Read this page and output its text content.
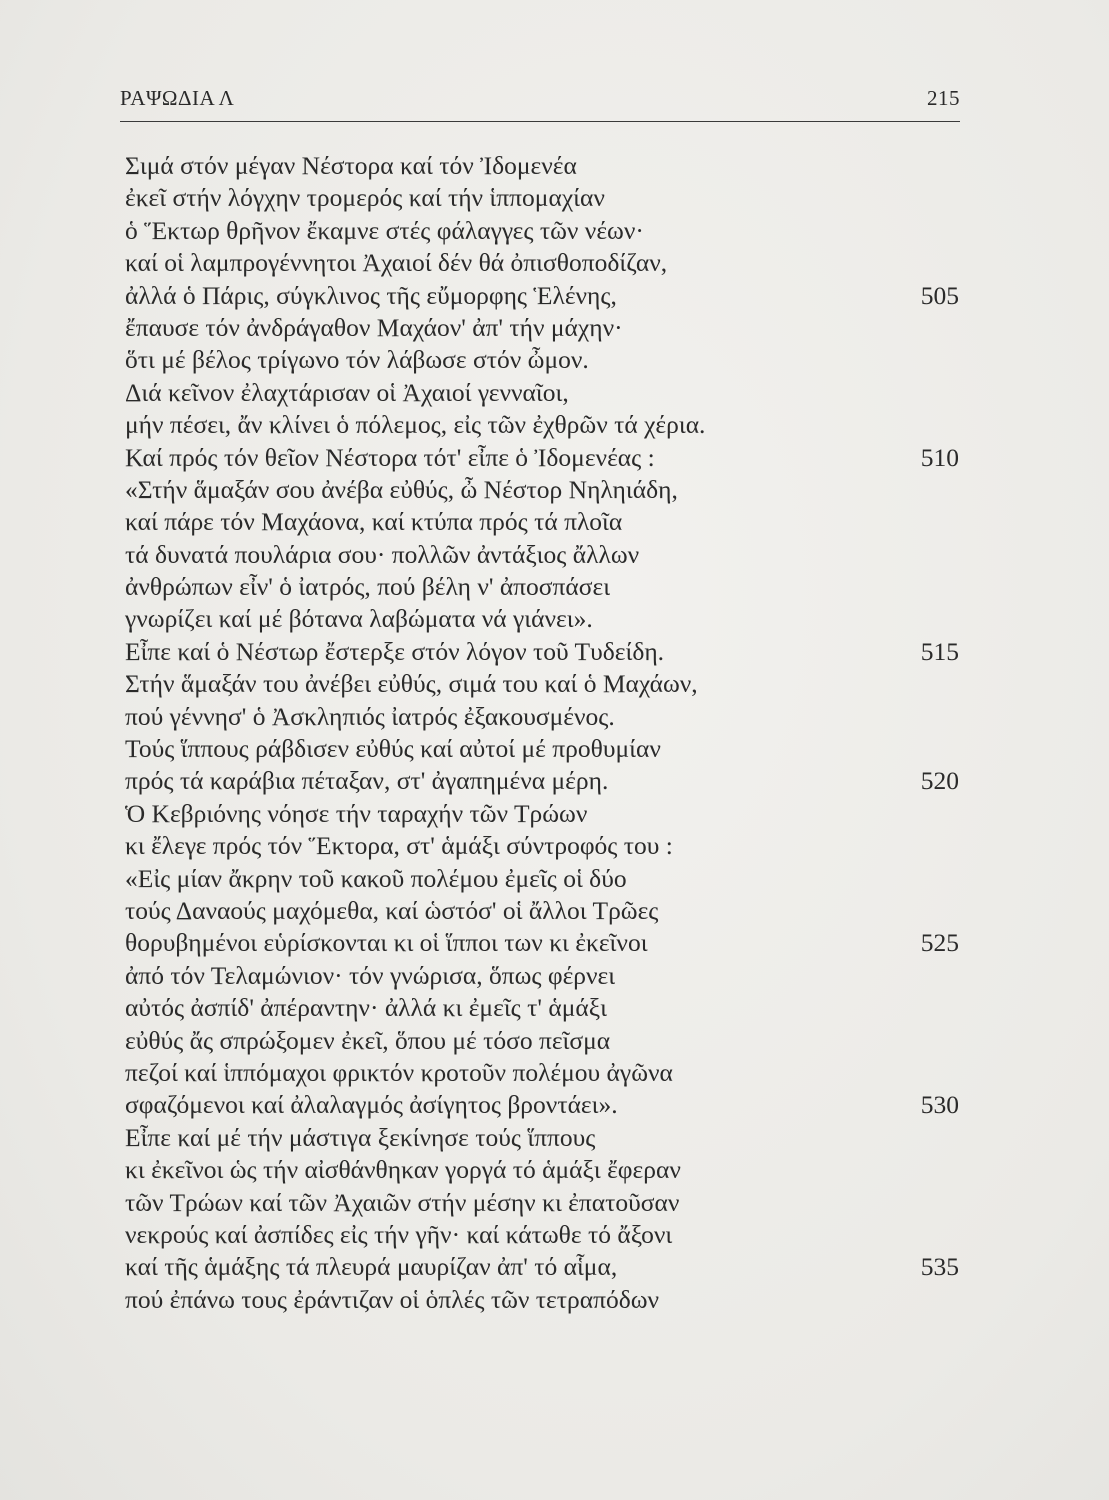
ΡΑΨΩΔΙΑ Λ	215
Σιμά στόν μέγαν Νέστορα καί τόν Ἰδομενέα
ἐκεῖ στήν λόγχην τρομερός καί τήν ἱππομαχίαν
ὁ Ἕκτωρ θρῆνον ἔκαμνε στές φάλαγγες τῶν νέων·
καί οἱ λαμπρογέννητοι Ἀχαιοί δέν θά ὀπισθοποδίζαν,
ἀλλά ὁ Πάρις, σύγκλινος τῆς εὔμορφης Ἑλένης,	505
ἔπαυσε τόν ἀνδράγαθον Μαχάον' ἀπ' τήν μάχην·
ὅτι μέ βέλος τρίγωνο τόν λάβωσε στόν ὦμον.
Διά κεῖνον ἐλαχτάρισαν οἱ Ἀχαιοί γενναῖοι,
μήν πέσει, ἄν κλίνει ὁ πόλεμος, εἰς τῶν ἐχθρῶν τά χέρια.
Καί πρός τόν θεῖον Νέστορα τότ' εἶπε ὁ Ἰδομενέας :	510
«Στήν ἅμαξάν σου ἀνέβα εὐθύς, ὦ Νέστορ Νηληιάδη,
καί πάρε τόν Μαχάονα, καί κτύπα πρός τά πλοῖα
τά δυνατά πουλάρια σου· πολλῶν ἀντάξιος ἄλλων
ἀνθρώπων εἶν' ὁ ἰατρός, πού βέλη ν' ἀποσπάσει
γνωρίζει καί μέ βότανα λαβώματα νά γιάνει».
Εἶπε καί ὁ Νέστωρ ἔστερξε στόν λόγον τοῦ Τυδείδη.	515
Στήν ἅμαξάν του ἀνέβει εὐθύς, σιμά του καί ὁ Μαχάων,
πού γέννησ' ὁ Ἀσκληπιός ἰατρός ἐξακουσμένος.
Τούς ἵππους ράβδισεν εὐθύς καί αὐτοί μέ προθυμίαν
πρός τά καράβια πέταξαν, στ' ἀγαπημένα μέρη.	520
Ὁ Κεβριόνης νόησε τήν ταραχήν τῶν Τρώων
κι ἔλεγε πρός τόν Ἕκτορα, στ' ἁμάξι σύντροφός του :
«Εἰς μίαν ἄκρην τοῦ κακοῦ πολέμου ἐμεῖς οἱ δύο
τούς Δαναούς μαχόμεθα, καί ὡστόσ' οἱ ἄλλοι Τρῶες
θορυβημένοι εὑρίσκονται κι οἱ ἵπποι των κι ἐκεῖνοι	525
ἀπό τόν Τελαμώνιον· τόν γνώρισα, ὅπως φέρνει
αὐτός ἀσπίδ' ἀπέραντην· ἀλλά κι ἐμεῖς τ' ἁμάξι
εὐθύς ἄς σπρώξομεν ἐκεῖ, ὅπου μέ τόσο πεῖσμα
πεζοί καί ἱππόμαχοι φρικτόν κροτοῦν πολέμου ἀγῶνα
σφαζόμενοι καί ἀλαλαγμός ἀσίγητος βροντάει».	530
Εἶπε καί μέ τήν μάστιγα ξεκίνησε τούς ἵππους
κι ἐκεῖνοι ὡς τήν αἰσθάνθηκαν γοργά τό ἁμάξι ἔφεραν
τῶν Τρώων καί τῶν Ἀχαιῶν στήν μέσην κι ἐπατοῦσαν
νεκρούς καί ἀσπίδες εἰς τήν γῆν· καί κάτωθε τό ἄξονι
καί τῆς ἁμάξης τά πλευρά μαυρίζαν ἀπ' τό αἷμα,	535
πού ἐπάνω τους ἐράντιζαν οἱ ὁπλές τῶν τετραπόδων
